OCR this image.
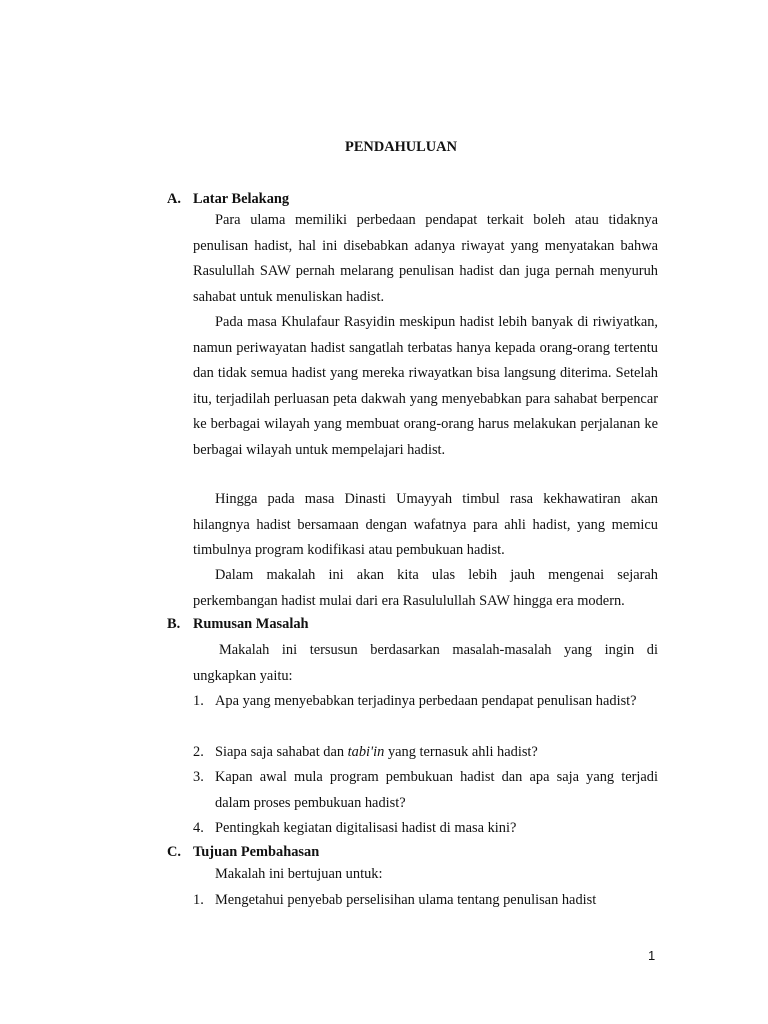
PENDAHULUAN
A. Latar Belakang

Para ulama memiliki perbedaan pendapat terkait boleh atau tidaknya penulisan hadist, hal ini disebabkan adanya riwayat yang menyatakan bahwa Rasulullah SAW pernah melarang penulisan hadist dan juga pernah menyuruh sahabat untuk menuliskan hadist.

Pada masa Khulafaur Rasyidin meskipun hadist lebih banyak di riwiyatkan, namun periwayatan hadist sangatlah terbatas hanya kepada orang-orang tertentu dan tidak semua hadist yang mereka riwayatkan bisa langsung diterima. Setelah itu, terjadilah perluasan peta dakwah yang menyebabkan para sahabat berpencar ke berbagai wilayah yang membuat orang-orang harus melakukan perjalanan ke berbagai wilayah untuk mempelajari hadist.

Hingga pada masa Dinasti Umayyah timbul rasa kekhawatiran akan hilangnya hadist bersamaan dengan wafatnya para ahli hadist, yang memicu timbulnya program kodifikasi atau pembukuan hadist.

Dalam makalah ini akan kita ulas lebih jauh mengenai sejarah perkembangan hadist mulai dari era Rasululullah SAW hingga era modern.

B. Rumusan Masalah

Makalah ini tersusun berdasarkan masalah-masalah yang ingin di ungkapkan yaitu:

1. Apa yang menyebabkan terjadinya perbedaan pendapat penulisan hadist?
2. Siapa saja sahabat dan tabi'in yang ternasuk ahli hadist?
3. Kapan awal mula program pembukuan hadist dan apa saja yang terjadi dalam proses pembukuan hadist?
4. Pentingkah kegiatan digitalisasi hadist di masa kini?
C. Tujuan Pembahasan

Makalah ini bertujuan untuk:

1. Mengetahui penyebab perselisihan ulama tentang penulisan hadist
1
